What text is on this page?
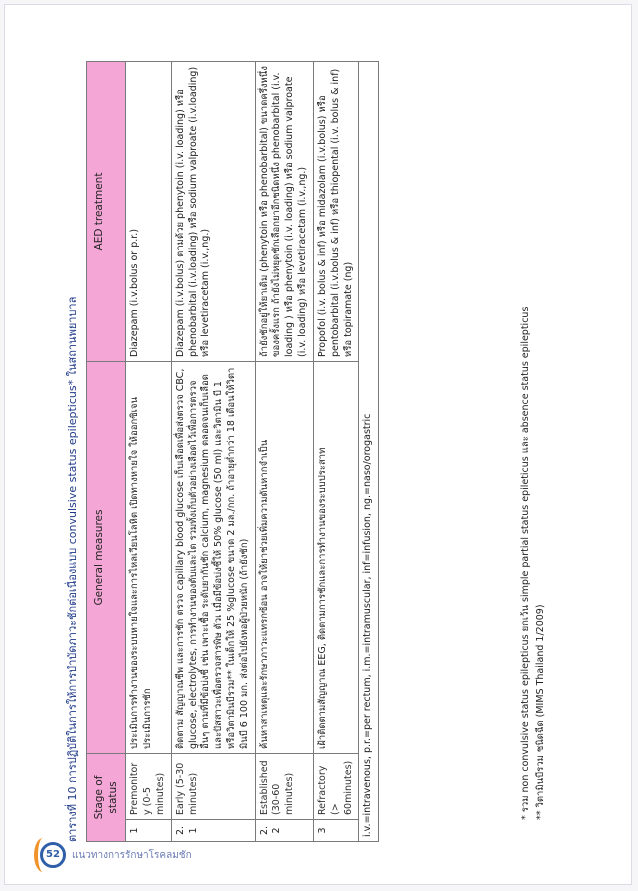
ตารางที่ 10 การปฏิบัติในการให้การบำบัดภาวะชักต่อเนื่องแบบ convulsive status epilepticus* ในสถานพยาบาล Stage of status		General measures	AED treatment
1	Premonitory (0-5 minutes)	ประเมินการทำงานของระบบหายใจและการไหลเวียนโลหิต เปิดทางหายใจ ให้ออกซิเจน ประเมินการชัก	Diazepam (i.v.bolus or p.r.)
2.1	Early (5-30 minutes)	ติดตาม สัญญาณชีพ และการชัก ตรวจ capillary blood glucose เก็บเลือดเพื่อส่งตรวจ CBC, glucose, electrolytes, การทำงานของตับและไต รวมทั้งเก็บตัวอย่างเลือดไว้เพื่อการตรวจอื่นๆ ตามที่มีข้อบ่งชี้ เช่น เพาะเชื้อ ระดับยากันชัก calcium, magnesium ตลอดจนเก็บเลือดและปัสสาวะเพื่อตรวจสารพิษ ตัวเ เมื่อมีข้อบ่งชี้ให้ 50% glucose (50 ml) และวิตามิน บี 1 หรือวิตามินบีรวม** ในเด็กให้ 25 %glucose ขนาด 2 มล./กก. ถ้าอายุต่ำกว่า 18 เดือนให้วิตามินบี 6 100 มก. ส่งต่อไปยังหอผู้ป่วยหนัก (ถ้ายังชัก)	Diazepam (i.v.bolus) ตามด้วย phenytoin (i.v. loading) หรือ phenobarbital (i.v.loading) หรือ sodium valproate (i.v.loading) หรือ levetiracetam (i.v.,ng.)
2.2	Established (30-60 minutes)	ค้นหาสาเหตุและรักษาภาวะแทรกซ้อน อาจให้ยาช่วยเพิ่มความดันหากจำเป็น	ถ้ายังชักอยู่ให้ยาเดิม (phenytoin หรือ phenobarbital) ขนาดครึ่งหนึ่งของครั้งแรก ถ้ายังไม่หยุดชักเลือกยาอีกชนิดหนึ่ง phenobarbital (i.v. loading ) หรือ phenytoin (i.v. loading) หรือ sodium valproate (i.v. loading) หรือ levetiracetam (i.v.,ng.)
3	Refractory (> 60minutes)	เฝ้าติดตามสัญญาณ EEG, ติดตามการชักและการทำงานของระบบประสาท	Propofol (i.v. bolus & inf) หรือ midazolam (i.v.bolus) หรือ pentobarbital (i.v.bolus & inf) หรือ thiopental (i.v. bolus & inf) หรือ topiramate (ng)
i.v.=intravenous, p.r.=per rectum, i.m.=intramuscular, inf=infusion, ng.=naso/orogastric				* รวม non convulsive status epilepticus ยกเว้น simple partial status epileticus และ absence status epilepticus ** วิตามินบีรวม ชนิดฉีด (MIMS Thailand 1/2009)
52	แนวทางการรักษาโรคลมชัก
